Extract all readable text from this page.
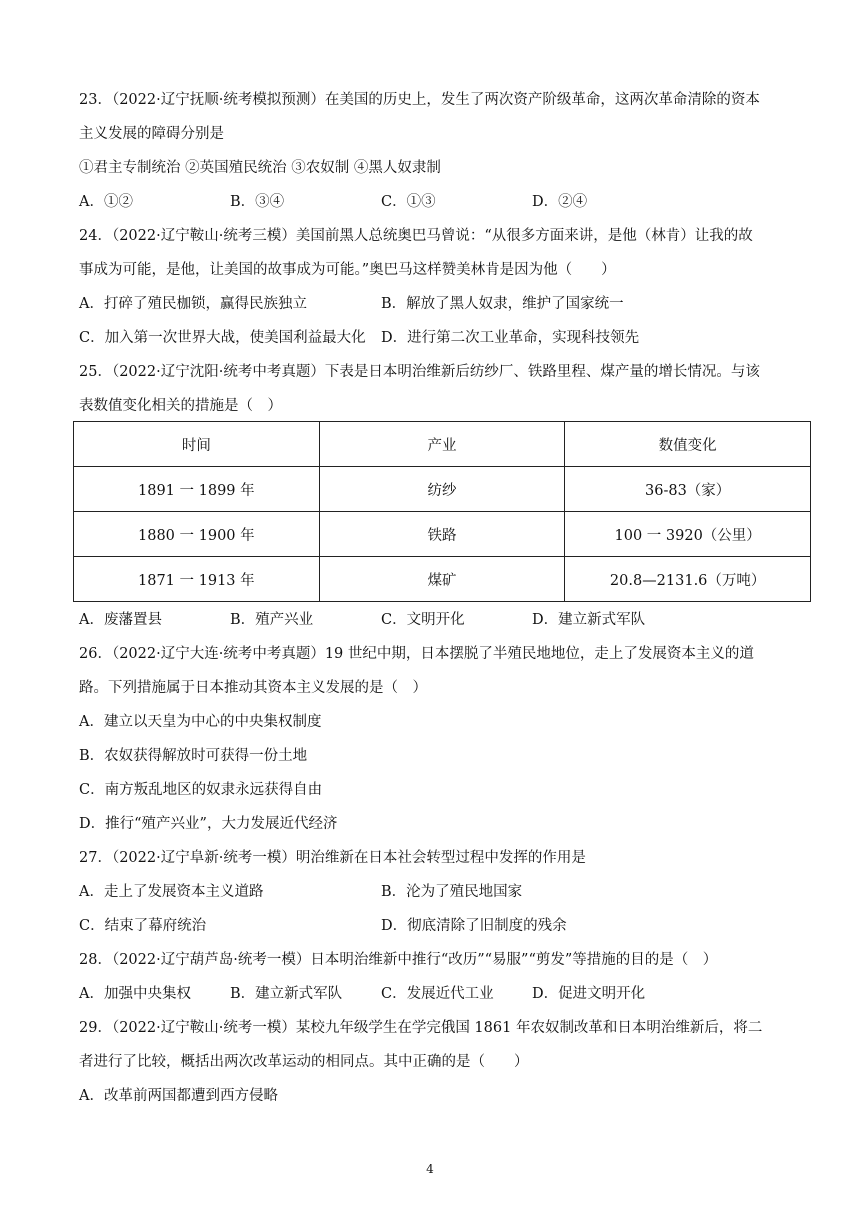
23．（2022·辽宁抚顺·统考模拟预测）在美国的历史上，发生了两次资产阶级革命，这两次革命清除的资本
主义发展的障碍分别是
①君主专制统治 ②英国殖民统治 ③农奴制 ④黑人奴隶制
A．①②	B．③④	C．①③	D．②④
24．（2022·辽宁鞍山·统考三模）美国前黑人总统奥巴马曾说：“从很多方面来讲，是他（林肯）让我的故
事成为可能，是他，让美国的故事成为可能。”奥巴马这样赞美林肯是因为他（　　）
A．打碎了殖民枷锁，赢得民族独立	B．解放了黑人奴隶，维护了国家统一
C．加入第一次世界大战，使美国利益最大化 D．进行第二次工业革命，实现科技领先
25．（2022·辽宁沈阳·统考中考真题）下表是日本明治维新后纺纱厂、铁路里程、煤产量的增长情况。与该
表数值变化相关的措施是（　）
时间	产业	数值变化
1891 一 1899 年	纺纱	36-83（家）
1880 一 1900 年	铁路	100 一 3920（公里）
1871 一 1913 年	煤矿	20.8—2131.6（万吨）
A．废藩置县	B．殖产兴业	C．文明开化	D．建立新式军队
26．（2022·辽宁大连·统考中考真题）19 世纪中期，日本摆脱了半殖民地地位，走上了发展资本主义的道
路。下列措施属于日本推动其资本主义发展的是（　）
A．建立以天皇为中心的中央集权制度
B．农奴获得解放时可获得一份土地
C．南方叛乱地区的奴隶永远获得自由
D．推行“殖产兴业”，大力发展近代经济
27．（2022·辽宁阜新·统考一模）明治维新在日本社会转型过程中发挥的作用是
A．走上了发展资本主义道路	B．沦为了殖民地国家
C．结束了幕府统治	D．彻底清除了旧制度的残余
28．（2022·辽宁葫芦岛·统考一模）日本明治维新中推行“改历”“易服”“剪发”等措施的目的是（　）
A．加强中央集权	B．建立新式军队	C．发展近代工业	D．促进文明开化
29．（2022·辽宁鞍山·统考一模）某校九年级学生在学完俄国 1861 年农奴制改革和日本明治维新后，将二
者进行了比较，概括出两次改革运动的相同点。其中正确的是（　　）
A．改革前两国都遭到西方侵略
4
